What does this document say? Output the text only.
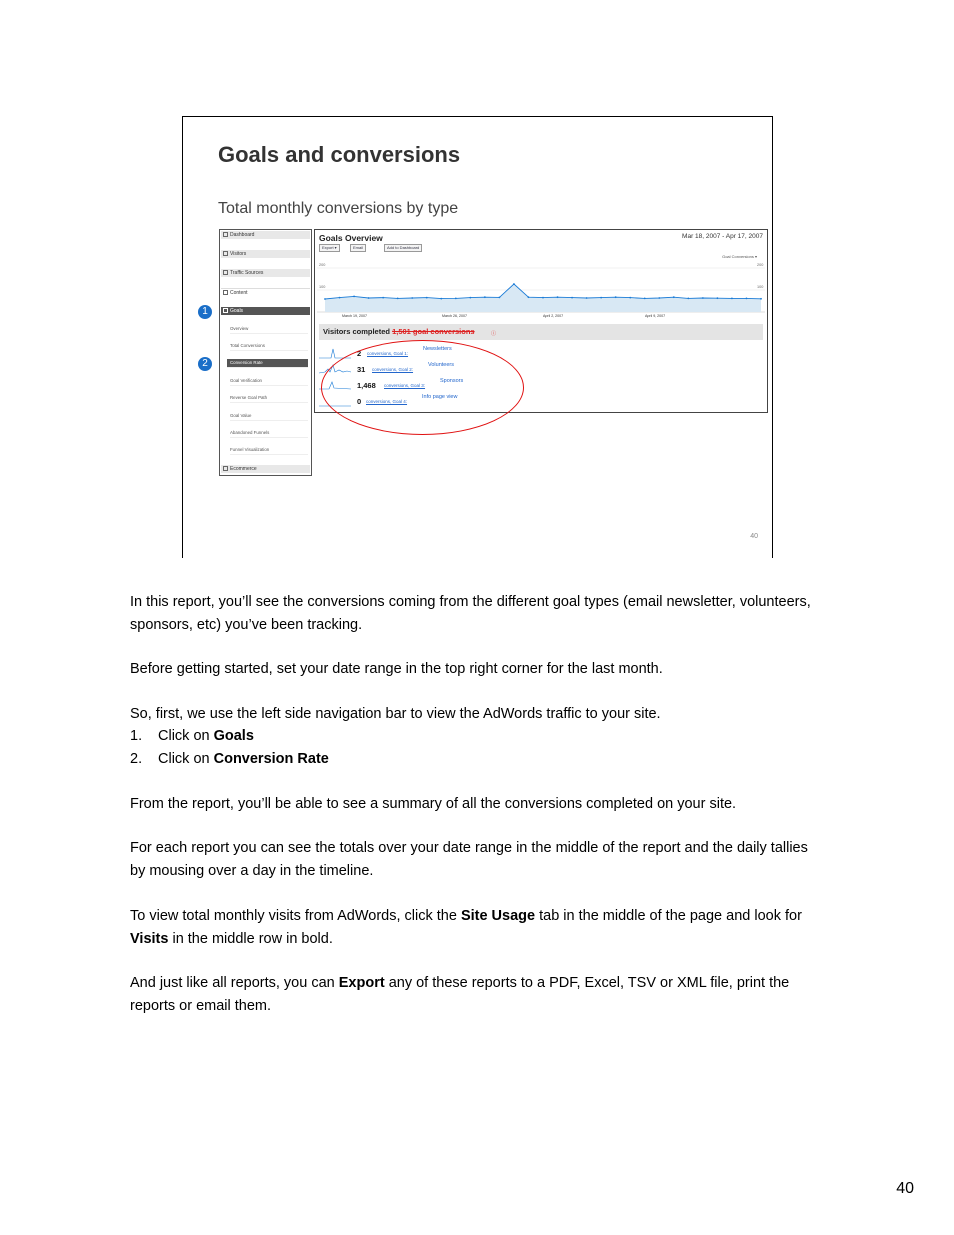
Goals and conversions
Total monthly conversions by type
Dashboard
Visitors
Traffic Sources
Content
Goals
Overview
Total Conversions
Conversion Rate
Goal Verification
Reverse Goal Path
Goal Value
Abandoned Funnels
Funnel Visualization
Ecommerce
1
2
Goals Overview	Mar 18, 2007 - Apr 17, 2007
Export ▾	Email	Add to Dashboard
Goal Conversions ▾
200
100
200
100
March 19, 2007	March 26, 2007	April 2, 2007	April 9, 2007
Visitors completed 1,501 goal conversions	ⓘ
2 conversions, Goal 1:
Newsletters
31 conversions, Goal 2:
Volunteers
1,468 conversions, Goal 3:
Sponsors
0 conversions, Goal 4:
Info page view
40
In this report, you’ll see the conversions coming from the different goal types (email newsletter, volunteers, sponsors, etc) you’ve been tracking.
Before getting started, set your date range in the top right corner for the last month.
So, first, we use the left side navigation bar to view the AdWords traffic to your site.
1. Click on Goals
2. Click on Conversion Rate
From the report, you’ll be able to see a summary of all the conversions completed on your site.
For each report you can see the totals over your date range in the middle of the report and the daily tallies by mousing over a day in the timeline.
To view total monthly visits from AdWords, click the Site Usage tab in the middle of the page and look for Visits in the middle row in bold.
And just like all reports, you can Export any of these reports to a PDF, Excel, TSV or XML file, print the reports or email them.
40
